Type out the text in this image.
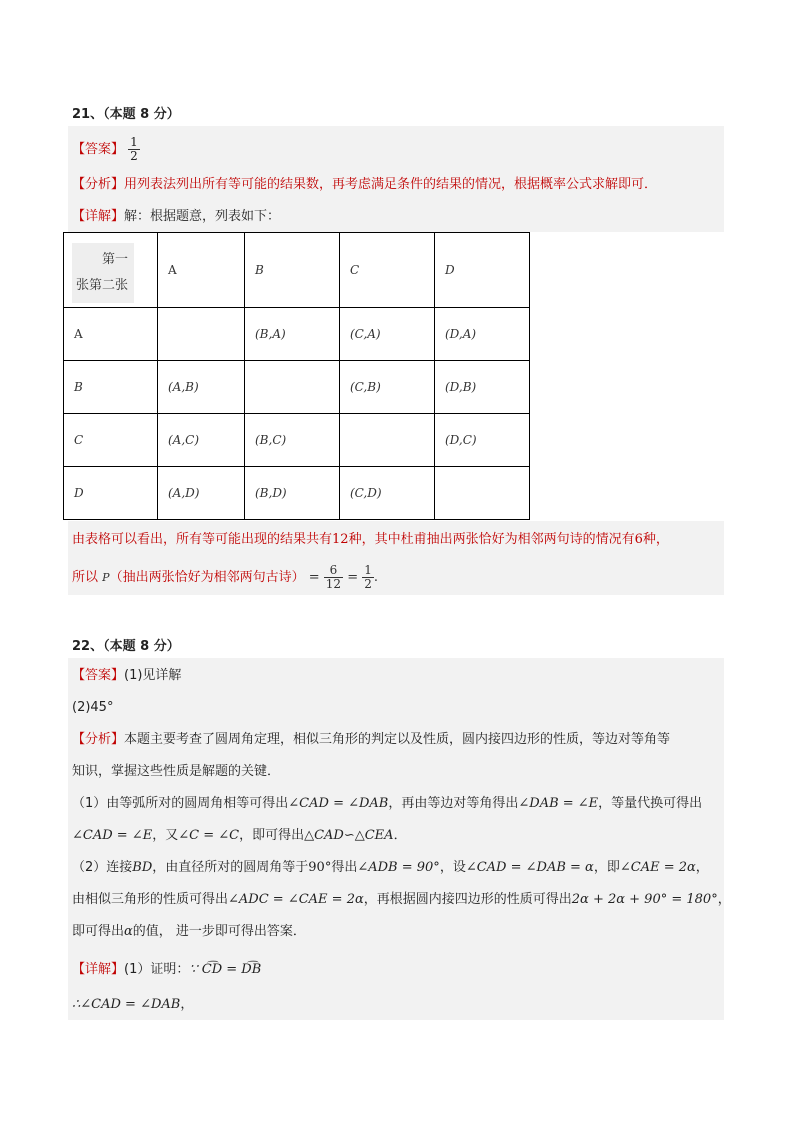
21、（本题 8 分）
【答案】 $\frac{1}{2}$
【分析】用列表法列出所有等可能的结果数，再考虑满足条件的结果的情况，根据概率公式求解即可．
【详解】解：根据题意，列表如下：
第一
张第二张	A	B	C	D
A		(B,A)	(C,A)	(D,A)
B	(A,B)		(C,B)	(D,B)
C	(A,C)	(B,C)		(D,C)
D	(A,D)	(B,D)	(C,D)	
由表格可以看出，所有等可能出现的结果共有12种，其中杜甫抽出两张恰好为相邻两句诗的情况有6种，
所以 P（抽出两张恰好为相邻两句古诗） = $\frac{6}{12} = \frac{1}{2}$ .
22、（本题 8 分）
【答案】(1)见详解
(2)45°
【分析】本题主要考查了圆周角定理，相似三角形的判定以及性质，圆内接四边形的性质，等边对等角等
知识，掌握这些性质是解题的关键．
（1）由等弧所对的圆周角相等可得出∠CAD = ∠DAB，再由等边对等角得出∠DAB = ∠E，等量代换可得出
∠CAD = ∠E，又∠C = ∠C，即可得出△CAD∽△CEA．
（2）连接BD，由直径所对的圆周角等于90°得出∠ADB = 90°，设∠CAD = ∠DAB = α，即∠CAE = 2α，
由相似三角形的性质可得出∠ADC = ∠CAE = 2α，再根据圆内接四边形的性质可得出2α + 2α + 90° = 180°，
即可得出α的值， 进一步即可得出答案．
【详解】(1）证明：∵ C͡D = D͡B
∴∠CAD = ∠DAB，
